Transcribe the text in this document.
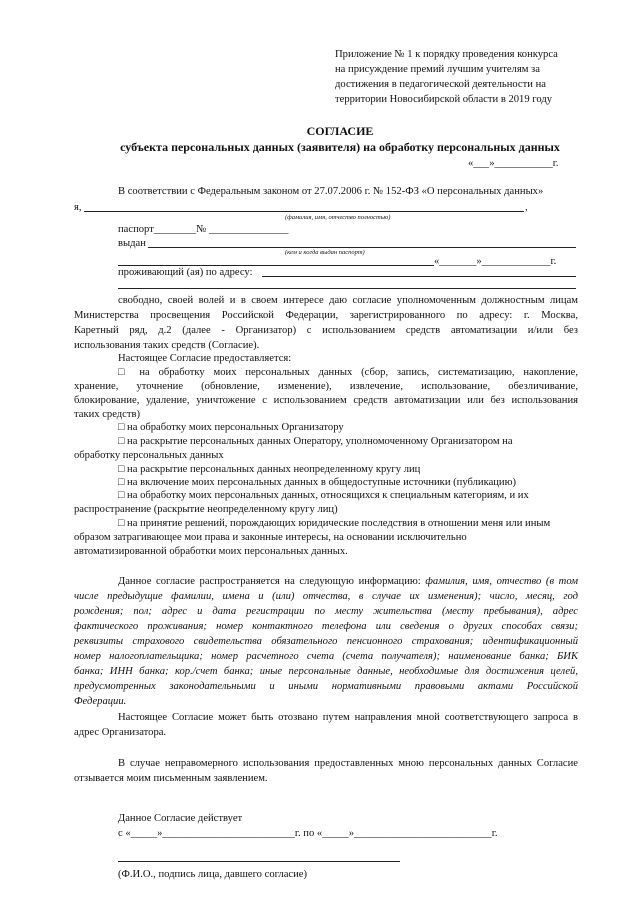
Приложение № 1 к порядку проведения конкурса
на присуждение премий лучшим учителям за
достижения в педагогической деятельности на
территории Новосибирской области в 2019 году
СОГЛАСИЕ
субъекта персональных данных (заявителя) на обработку персональных данных
«___»___________г.
В соответствии с Федеральным законом от 27.07.2006 г. № 152-ФЗ «О персональных данных»
я,	,
(фамилия, имя, отчество полностью)
паспорт________№ _______________
выдан
(кем и когда выдан паспорт)
«_______»_____________г.
проживающий (ая) по адресу:
свободно, своей волей и в своем интересе даю согласие уполномоченным должностным лицам
Министерства просвещения Российской Федерации, зарегистрированного по адресу: г. Москва,
Каретный ряд, д.2 (далее - Организатор) с использованием средств автоматизации и/или без
использования таких средств (Согласие).
Настоящее Согласие предоставляется:
□ на обработку моих персональных данных (сбор, запись, систематизацию, накопление,
хранение, уточнение (обновление, изменение), извлечение, использование, обезличивание,
блокирование, удаление, уничтожение с использованием средств автоматизации или без использования
таких средств)
□ на обработку моих персональных Организатору
□ на раскрытие персональных данных Оператору, уполномоченному Организатором на
обработку персональных данных
□ на раскрытие персональных данных неопределенному кругу лиц
□ на включение моих персональных данных в общедоступные источники (публикацию)
□ на обработку моих персональных данных, относящихся к специальным категориям, и их
распространение (раскрытие неопределенному кругу лиц)
□ на принятие решений, порождающих юридические последствия в отношении меня или иным
образом затрагивающее мои права и законные интересы, на основании исключительно
автоматизированной обработки моих персональных данных.
Данное согласие распространяется на следующую информацию: фамилия, имя, отчество (в том
числе предыдущие фамилии, имена и (или) отчества, в случае их изменения); число, месяц, год
рождения; пол; адрес и дата регистрации по месту жительства (месту пребывания), адрес
фактического проживания; номер контактного телефона или сведения о других способах связи;
реквизиты страхового свидетельства обязательного пенсионного страхования; идентификационный
номер налогоплательщика; номер расчетного счета (счета получателя); наименование банка; БИК
банка; ИНН банка; кор./счет банка; иные персональные данные, необходимые для достижения целей,
предусмотренных законодательными и иными нормативными правовыми актами Российской
Федерации.
Настоящее Согласие может быть отозвано путем направления мной соответствующего запроса в
адрес Организатора.
В случае неправомерного использования предоставленных мною персональных данных Согласие
отзывается моим письменным заявлением.
Данное Согласие действует
с «_____»_________________________г. по «_____»__________________________г.
(Ф.И.О., подпись лица, давшего согласие)
